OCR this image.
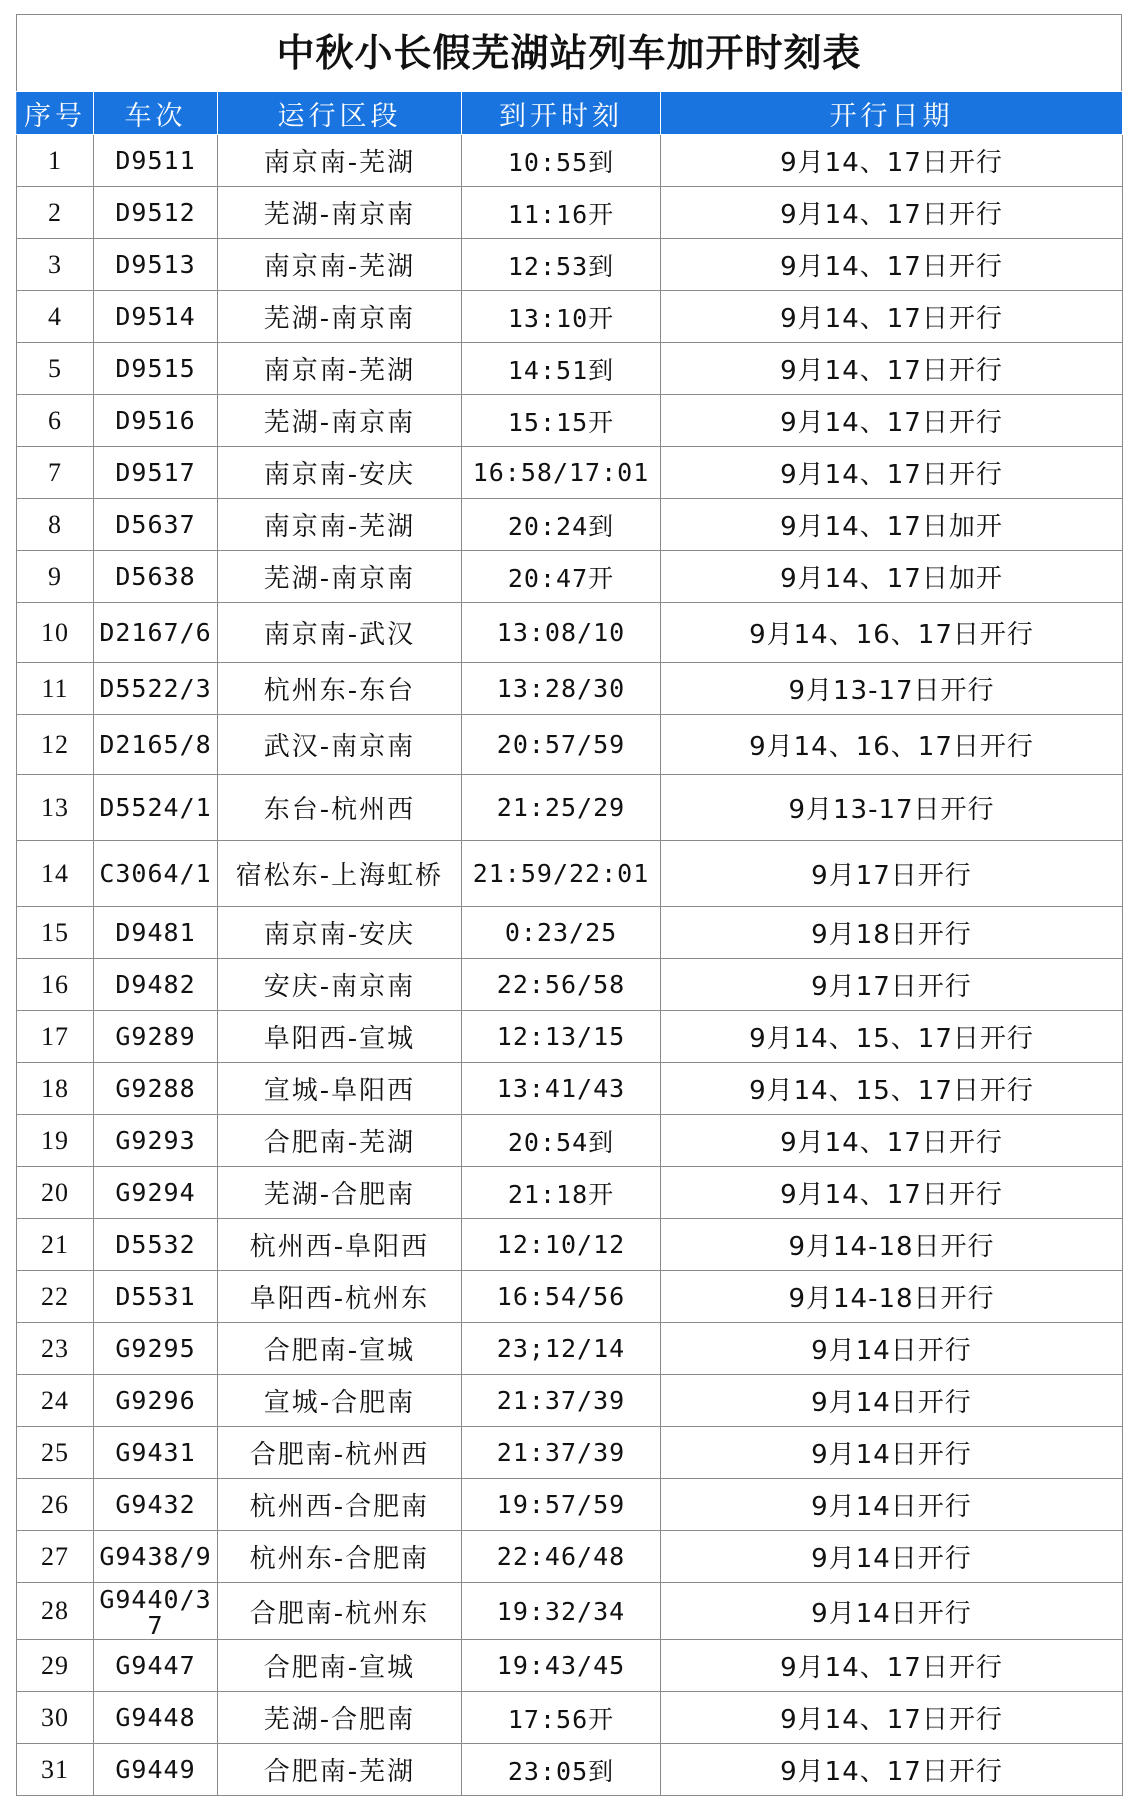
中秋小长假芜湖站列车加开时刻表
序号	车次	运行区段	到开时刻	开行日期
1	D9511	南京南-芜湖	10:55到	9月14、17日开行
2	D9512	芜湖-南京南	11:16开	9月14、17日开行
3	D9513	南京南-芜湖	12:53到	9月14、17日开行
4	D9514	芜湖-南京南	13:10开	9月14、17日开行
5	D9515	南京南-芜湖	14:51到	9月14、17日开行
6	D9516	芜湖-南京南	15:15开	9月14、17日开行
7	D9517	南京南-安庆	16:58/17:01	9月14、17日开行
8	D5637	南京南-芜湖	20:24到	9月14、17日加开
9	D5638	芜湖-南京南	20:47开	9月14、17日加开
10	D2167/6	南京南-武汉	13:08/10	9月14、16、17日开行
11	D5522/3	杭州东-东台	13:28/30	9月13-17日开行
12	D2165/8	武汉-南京南	20:57/59	9月14、16、17日开行
13	D5524/1	东台-杭州西	21:25/29	9月13-17日开行
14	C3064/1	宿松东-上海虹桥	21:59/22:01	9月17日开行
15	D9481	南京南-安庆	0:23/25	9月18日开行
16	D9482	安庆-南京南	22:56/58	9月17日开行
17	G9289	阜阳西-宣城	12:13/15	9月14、15、17日开行
18	G9288	宣城-阜阳西	13:41/43	9月14、15、17日开行
19	G9293	合肥南-芜湖	20:54到	9月14、17日开行
20	G9294	芜湖-合肥南	21:18开	9月14、17日开行
21	D5532	杭州西-阜阳西	12:10/12	9月14-18日开行
22	D5531	阜阳西-杭州东	16:54/56	9月14-18日开行
23	G9295	合肥南-宣城	23;12/14	9月14日开行
24	G9296	宣城-合肥南	21:37/39	9月14日开行
25	G9431	合肥南-杭州西	21:37/39	9月14日开行
26	G9432	杭州西-合肥南	19:57/59	9月14日开行
27	G9438/9	杭州东-合肥南	22:46/48	9月14日开行
28	G9440/37	合肥南-杭州东	19:32/34	9月14日开行
29	G9447	合肥南-宣城	19:43/45	9月14、17日开行
30	G9448	芜湖-合肥南	17:56开	9月14、17日开行
31	G9449	合肥南-芜湖	23:05到	9月14、17日开行
